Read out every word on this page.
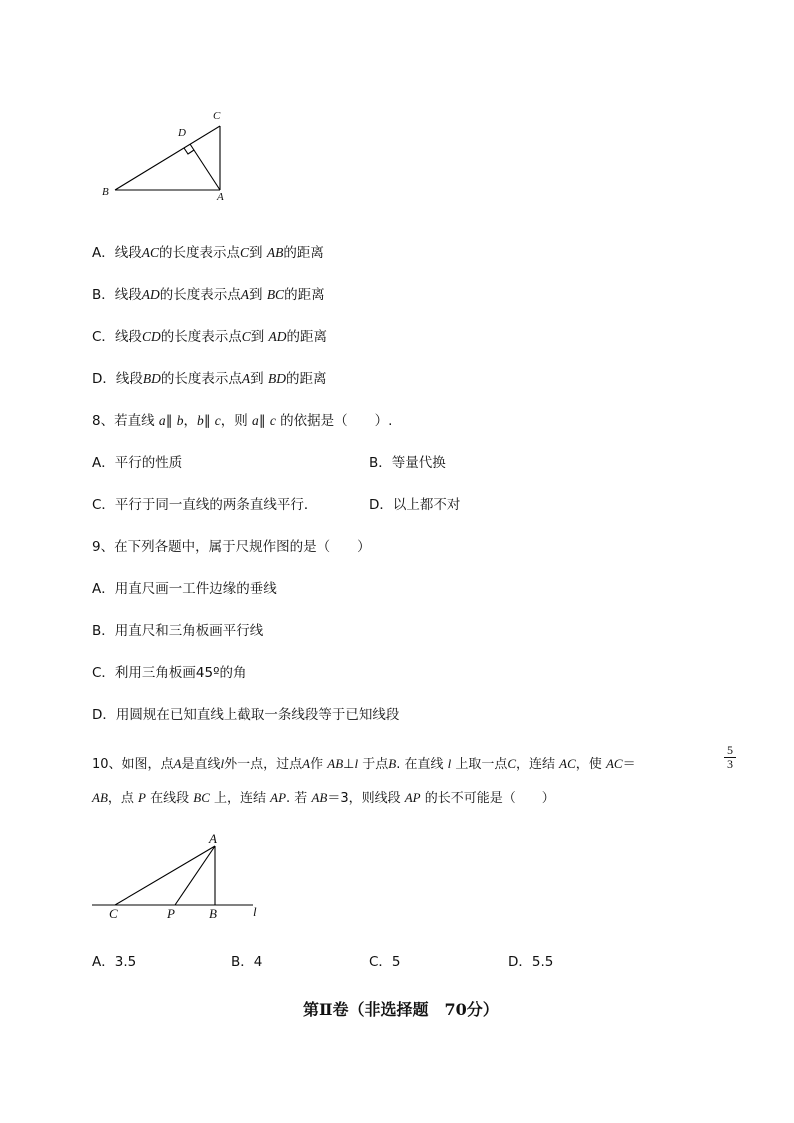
C
D
B	A
A．线段AC的长度表示点C到 AB的距离
B．线段AD的长度表示点A到 BC的距离
C．线段CD的长度表示点C到 AD的距离
D．线段BD的长度表示点A到 BD的距离
8、若直线 a∥ b，b∥ c，则 a∥ c 的依据是（　　）.
A．平行的性质	B．等量代换
C．平行于同一直线的两条直线平行．	D．以上都不对
9、在下列各题中，属于尺规作图的是（　　）
A．用直尺画一工件边缘的垂线
B．用直尺和三角板画平行线
C．利用三角板画45º的角
D．用圆规在已知直线上截取一条线段等于已知线段
10、如图，点A是直线l外一点，过点A作 AB⊥l 于点B. 在直线 l 上取一点C，连结 AC，使 AC＝	$\frac{5}{3}$
AB，点 P 在线段 BC 上，连结 AP. 若 AB＝3，则线段 AP 的长不可能是（　　）
A
C	P	B	l
A．3.5	B．4	C．5	D．5.5
第Ⅱ卷（非选择题　70分）
